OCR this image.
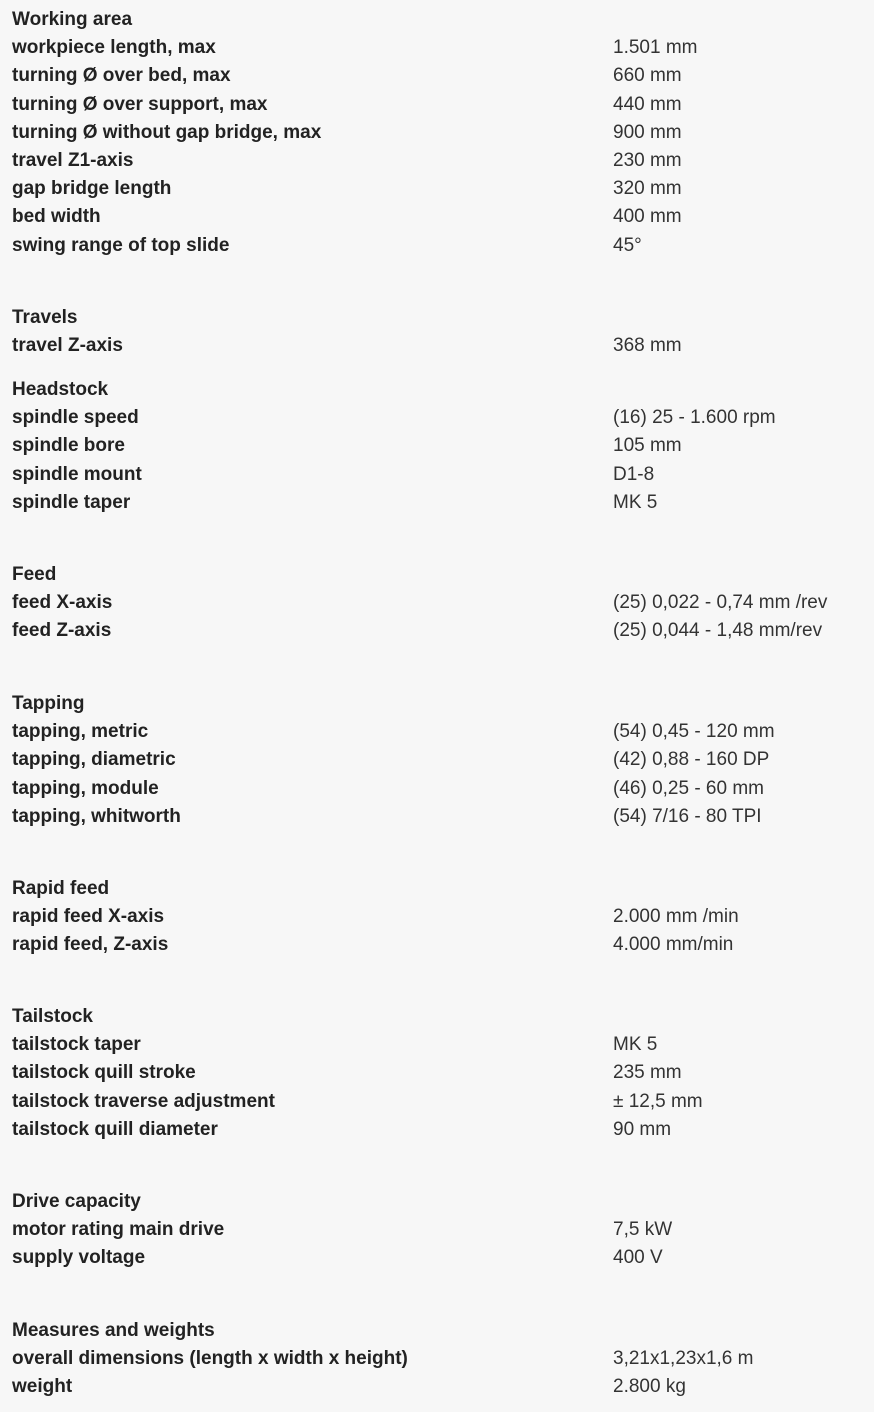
Working area
workpiece length, max	1.501 mm
turning Ø over bed, max	660 mm
turning Ø over support, max	440 mm
turning Ø without gap bridge, max	900 mm
travel Z1-axis	230 mm
gap bridge length	320 mm
bed width	400 mm
swing range of top slide	45°
Travels
travel Z-axis	368 mm
Headstock
spindle speed	(16) 25 - 1.600 rpm
spindle bore	105 mm
spindle mount	D1-8
spindle taper	MK 5
Feed
feed X-axis	(25) 0,022 - 0,74 mm /rev
feed Z-axis	(25) 0,044 - 1,48 mm/rev
Tapping
tapping, metric	(54) 0,45 - 120 mm
tapping, diametric	(42) 0,88 - 160 DP
tapping, module	(46) 0,25 - 60 mm
tapping, whitworth	(54) 7/16 - 80 TPI
Rapid feed
rapid feed X-axis	2.000 mm /min
rapid feed, Z-axis	4.000 mm/min
Tailstock
tailstock taper	MK 5
tailstock quill stroke	235 mm
tailstock traverse adjustment	± 12,5 mm
tailstock quill diameter	90 mm
Drive capacity
motor rating main drive	7,5 kW
supply voltage	400 V
Measures and weights
overall dimensions (length x width x height)	3,21x1,23x1,6 m
weight	2.800 kg
